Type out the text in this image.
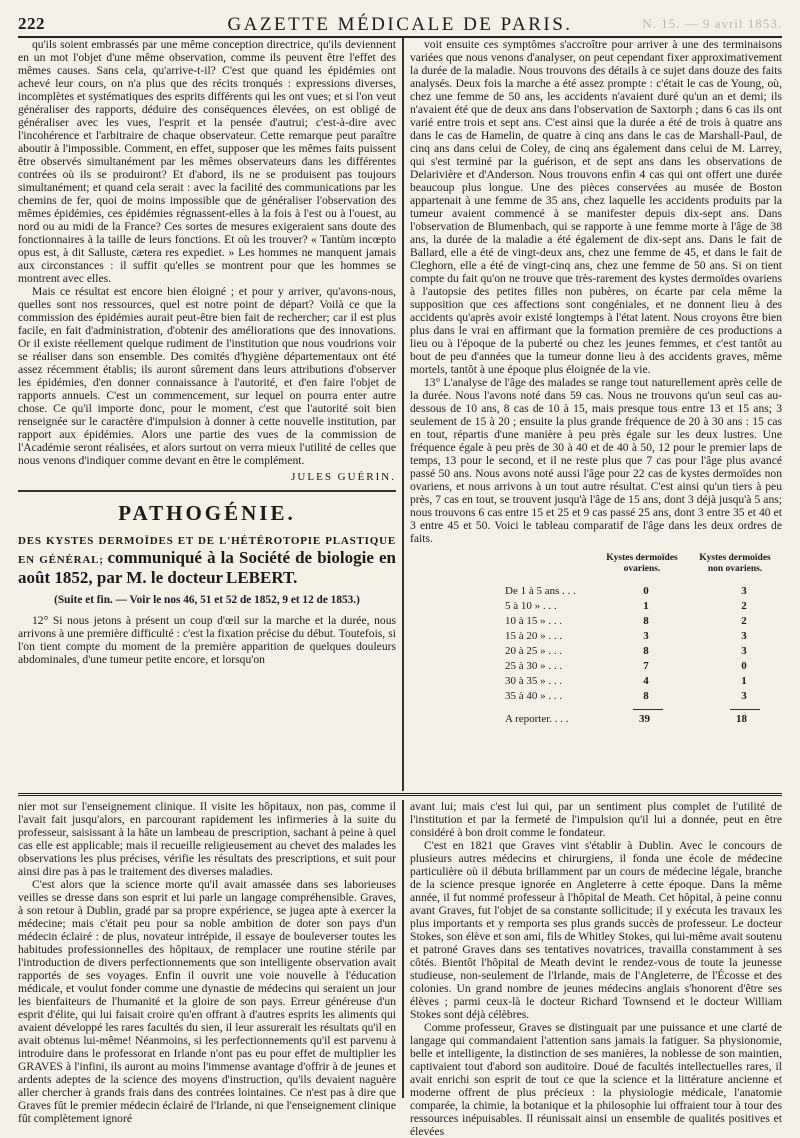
222	GAZETTE MÉDICALE DE PARIS.	N. 15. — 9 avril 1853.

qu'ils soient embrassés par une même conception directrice, qu'ils deviennent en un mot l'objet d'une même observation, comme ils peuvent être l'effet des mêmes causes. Sans cela, qu'arrive-t-il? C'est que quand les épidémies ont achevé leur cours, on n'a plus que des récits tronqués : expressions diverses, incomplètes et systématiques des esprits différents qui les ont vues; et si l'on veut généraliser des rapports, déduire des conséquences élevées, on est obligé de généraliser avec les vues, l'esprit et la pensée d'autrui; c'est-à-dire avec l'incohérence et l'arbitraire de chaque observateur. Cette remarque peut paraître aboutir à l'impossible. Comment, en effet, supposer que les mêmes faits puissent être observés simultanément par les mêmes observateurs dans les différentes contrées où ils se produiront? Et d'abord, ils ne se produisent pas toujours simultanément; et quand cela serait : avec la facilité des communications par les chemins de fer, quoi de moins impossible que de généraliser l'observation des mêmes épidémies, ces épidémies régnassent-elles à la fois à l'est ou à l'ouest, au nord ou au midi de la France? Ces sortes de mesures exigeraient sans doute des fonctionnaires à la taille de leurs fonctions. Et où les trouver? « Tantùm incœpto opus est, à dit Salluste, cætera res expediet. » Les hommes ne manquent jamais aux circonstances : il suffit qu'elles se montrent pour que les hommes se montrent avec elles.

Mais ce résultat est encore bien éloigné ; et pour y arriver, qu'avons-nous, quelles sont nos ressources, quel est notre point de départ? Voilà ce que la commission des épidémies aurait peut-être bien fait de rechercher; car il est plus facile, en fait d'administration, d'obtenir des améliorations que des innovations. Or il existe réellement quelque rudiment de l'institution que nous voudrions voir se réaliser dans son ensemble. Des comités d'hygiène départementaux ont été assez récemment établis; ils auront sûrement dans leurs attributions d'observer les épidémies, d'en donner connaissance à l'autorité, et d'en faire l'objet de rapports annuels. C'est un commencement, sur lequel on pourra enter autre chose. Ce qu'il importe donc, pour le moment, c'est que l'autorité soit bien renseignée sur le caractère d'impulsion à donner à cette nouvelle institution, par rapport aux épidémies. Alors une partie des vues de la commission de l'Académie seront réalisées, et alors surtout on verra mieux l'utilité de celles que nous venons d'indiquer comme devant en être le complément.

JULES GUÉRIN.
PATHOGÉNIE.

DES KYSTES DERMOÏDES ET DE L'HÉTÉROTOPIE PLASTIQUE EN GÉNÉRAL; communiqué à la Société de biologie en août 1852, par M. le docteur LEBERT.

(Suite et fin. — Voir le nos 46, 51 et 52 de 1852, 9 et 12 de 1853.)

12° Si nous jetons à présent un coup d'œil sur la marche et la durée, nous arrivons à une première difficulté : c'est la fixation précise du début. Toutefois, si l'on tient compte du moment de la première apparition de quelques douleurs abdominales, d'une tumeur petite encore, et lorsqu'on

voit ensuite ces symptômes s'accroître pour arriver à une des terminaisons variées que nous venons d'analyser, on peut cependant fixer approximativement la durée de la maladie. Nous trouvons des détails à ce sujet dans douze des faits analysés. Deux fois la marche a été assez prompte : c'était le cas de Young, où, chez une femme de 50 ans, les accidents n'avaient duré qu'un an et demi; ils n'avaient été que de deux ans dans l'observation de Saxtorph ; dans 6 cas ils ont varié entre trois et sept ans. C'est ainsi que la durée a été de trois à quatre ans dans le cas de Hamelin, de quatre à cinq ans dans le cas de Marshall-Paul, de cinq ans dans celui de Coley, de cinq ans également dans celui de M. Larrey, qui s'est terminé par la guérison, et de sept ans dans les observations de Delarivière et d'Anderson. Nous trouvons enfin 4 cas qui ont offert une durée beaucoup plus longue. Une des pièces conservées au musée de Boston appartenait à une femme de 35 ans, chez laquelle les accidents produits par la tumeur avaient commencé à se manifester depuis dix-sept ans. Dans l'observation de Blumenbach, qui se rapporte à une femme morte à l'âge de 38 ans, la durée de la maladie a été également de dix-sept ans. Dans le fait de Ballard, elle a été de vingt-deux ans, chez une femme de 45, et dans le fait de Cleghorn, elle a été de vingt-cinq ans, chez une femme de 50 ans. Si on tient compte du fait qu'on ne trouve que très-rarement des kystes dermoïdes ovariens à l'autopsie des petites filles non pubères, on écarte par cela même la supposition que ces affections sont congéniales, et ne donnent lieu à des accidents qu'après avoir existé longtemps à l'état latent. Nous croyons être bien plus dans le vrai en affirmant que la formation première de ces productions a lieu ou à l'époque de la puberté ou chez les jeunes femmes, et c'est tantôt au bout de peu d'années que la tumeur donne lieu à des accidents graves, même mortels, tantôt à une époque plus éloignée de la vie.

13° L'analyse de l'âge des malades se range tout naturellement après celle de la durée. Nous l'avons noté dans 59 cas. Nous ne trouvons qu'un seul cas au-dessous de 10 ans, 8 cas de 10 à 15, mais presque tous entre 13 et 15 ans; 3 seulement de 15 à 20 ; ensuite la plus grande fréquence de 20 à 30 ans : 15 cas en tout, répartis d'une manière à peu près égale sur les deux lustres. Une fréquence égale à peu près de 30 à 40 et de 40 à 50, 12 pour le premier laps de temps, 13 pour le second, et il ne reste plus que 7 cas pour l'âge plus avancé passé 50 ans. Nous avons noté aussi l'âge pour 22 cas de kystes dermoïdes non ovariens, et nous arrivons à un tout autre résultat. C'est ainsi qu'un tiers à peu près, 7 cas en tout, se trouvent jusqu'à l'âge de 15 ans, dont 3 déjà jusqu'à 5 ans; nous trouvons 6 cas entre 15 et 25 et 9 cas passé 25 ans, dont 3 entre 35 et 40 et 3 entre 45 et 50. Voici le tableau comparatif de l'âge dans les deux ordres de faits.

Kystes dermoïdes ovariens.
Kystes dermoïdes non ovariens.
De 1 à 5 ans . . .	0	3
5 à 10 » . . .	1	2
10 à 15 » . . .	8	2
15 à 20 » . . .	3	3
20 à 25 » . . .	8	3
25 à 30 » . . .	7	0
30 à 35 » . . .	4	1
35 à 40 » . . .	8	3
A reporter. . . .	39	18

nier mot sur l'enseignement clinique. Il visite les hôpitaux, non pas, comme il l'avait fait jusqu'alors, en parcourant rapidement les infirmeries à la suite du professeur, saisissant à la hâte un lambeau de prescription, sachant à peine à quel cas elle est applicable; mais il recueille religieusement au chevet des malades les observations les plus précises, vérifie les résultats des prescriptions, et suit pour ainsi dire pas à pas le traitement des diverses maladies.

C'est alors que la science morte qu'il avait amassée dans ses laborieuses veilles se dresse dans son esprit et lui parle un langage compréhensible. Graves, à son retour à Dublin, gradé par sa propre expérience, se jugea apte à exercer la médecine; mais c'était peu pour sa noble ambition de doter son pays d'un médecin éclairé : de plus, novateur intrépide, il essaye de bouleverser toutes les habitudes professionnelles des hôpitaux, de remplacer une routine stérile par l'introduction de divers perfectionnements que son intelligente observation avait rapportés de ses voyages. Enfin il ouvrit une voie nouvelle à l'éducation médicale, et voulut fonder comme une dynastie de médecins qui seraient un jour les bienfaiteurs de l'humanité et la gloire de son pays. Erreur généreuse d'un esprit d'élite, qui lui faisait croire qu'en offrant à d'autres esprits les aliments qui avaient développé les rares facultés du sien, il leur assurerait les résultats qu'il en avait obtenus lui-même! Néanmoins, si les perfectionnements qu'il est parvenu à introduire dans le professorat en Irlande n'ont pas eu pour effet de multiplier les GRAVES à l'infini, ils auront au moins l'immense avantage d'offrir à de jeunes et ardents adeptes de la science des moyens d'instruction, qu'ils devaient naguère aller chercher à grands frais dans des contrées lointaines. Ce n'est pas à dire que Graves fût le premier médecin éclairé de l'Irlande, ni que l'enseignement clinique fût complètement ignoré

avant lui; mais c'est lui qui, par un sentiment plus complet de l'utilité de l'institution et par la fermeté de l'impulsion qu'il lui a donnée, peut en être considéré à bon droit comme le fondateur.

C'est en 1821 que Graves vint s'établir à Dublin. Avec le concours de plusieurs autres médecins et chirurgiens, il fonda une école de médecine particulière où il débuta brillamment par un cours de médecine légale, branche de la science presque ignorée en Angleterre à cette époque. Dans la même année, il fut nommé professeur à l'hôpital de Meath. Cet hôpital, à peine connu avant Graves, fut l'objet de sa constante sollicitude; il y exécuta les travaux les plus importants et y remporta ses plus grands succès de professeur. Le docteur Stokes, son élève et son ami, fils de Whitley Stokes, qui lui-même avait soutenu et patroné Graves dans ses tentatives novatrices, travailla constamment à ses côtés. Bientôt l'hôpital de Meath devint le rendez-vous de toute la jeunesse studieuse, non-seulement de l'Irlande, mais de l'Angleterre, de l'Écosse et des colonies. Un grand nombre de jeunes médecins anglais s'honorent d'être ses élèves ; parmi ceux-là le docteur Richard Townsend et le docteur William Stokes sont déjà célèbres.

Comme professeur, Graves se distinguait par une puissance et une clarté de langage qui commandaient l'attention sans jamais la fatiguer. Sa physionomie, belle et intelligente, la distinction de ses manières, la noblesse de son maintien, captivaient tout d'abord son auditoire. Doué de facultés intellectuelles rares, il avait enrichi son esprit de tout ce que la science et la littérature ancienne et moderne offrent de plus précieux : la physiologie médicale, l'anatomie comparée, la chimie, la botanique et la philosophie lui offraient tour à tour des ressources inépuisables. Il réunissait ainsi un ensemble de qualités positives et élevées
